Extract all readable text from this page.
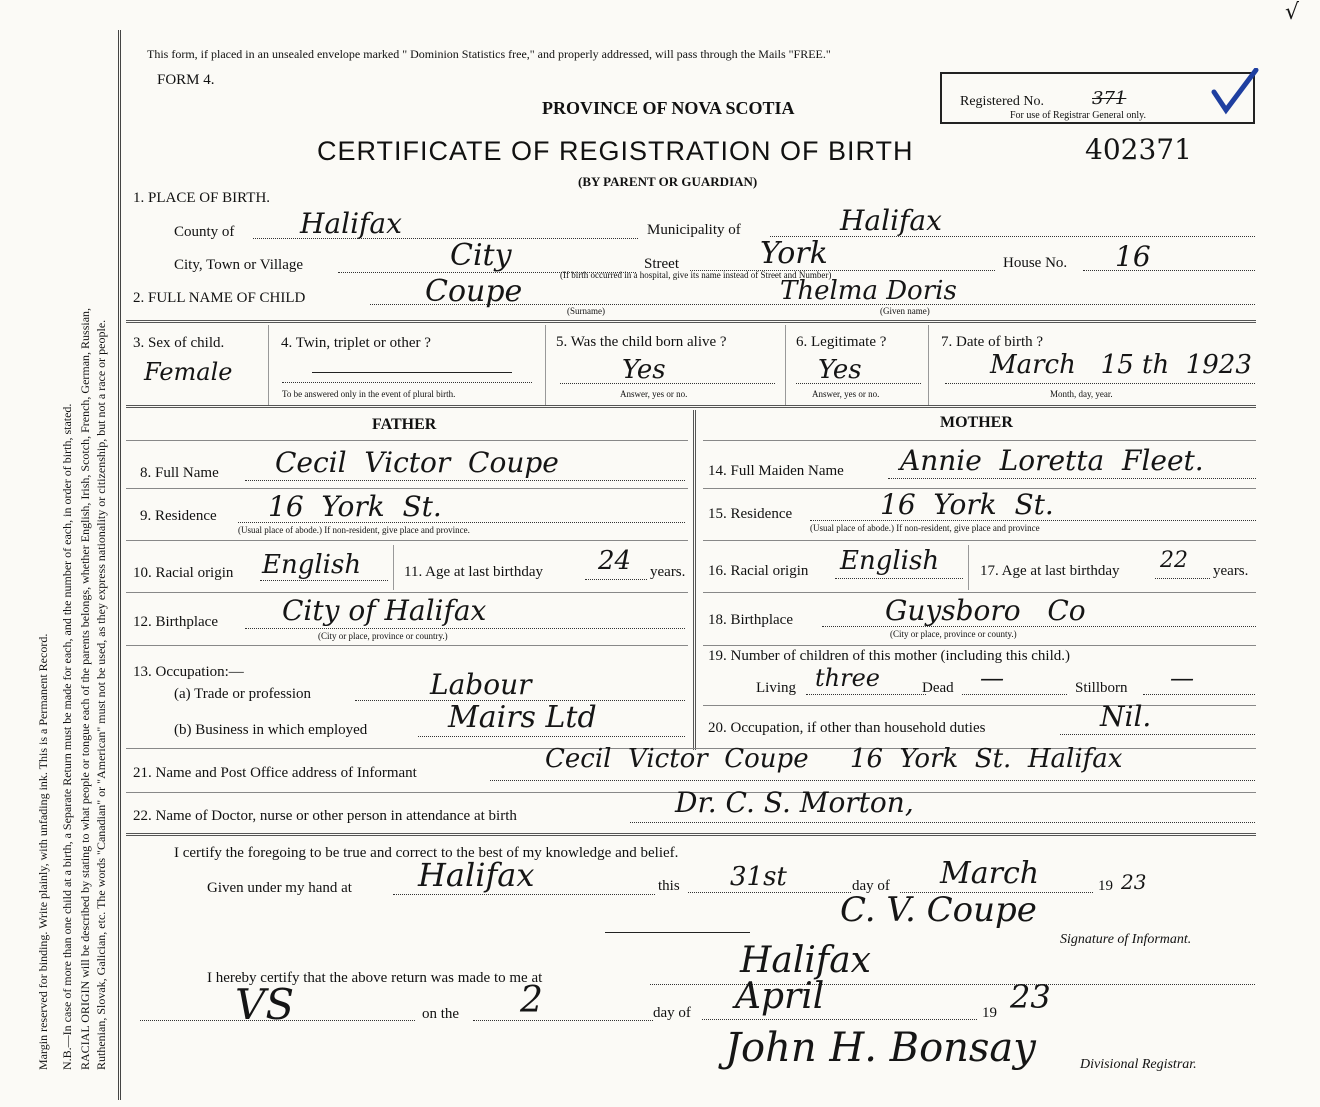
Margin reserved for binding. Write plainly, with unfading ink. This is a Permanent Record. N.B.—In case of more than one child at a birth, a Separate Return must be made for each, and the number of each, in order of birth, stated. RACIAL ORIGIN will be described by stating to what people or tongue each of the parents belongs, whether English, Irish, Scotch, French, German, Russian, Ruthenian, Slovak, Galician, etc. The words "Canadian" or "American" must not be used, as they express nationality or citizenship, but not a race or people.
This form, if placed in an unsealed envelope marked " Dominion Statistics free," and properly addressed, will pass through the Mails "FREE."
FORM 4.
√
Registered No.	371
For use of Registrar General only.
PROVINCE OF NOVA SCOTIA
CERTIFICATE OF REGISTRATION OF BIRTH	402371
(BY PARENT OR GUARDIAN)
1. PLACE OF BIRTH.
County of Halifax	Municipality of	Halifax
City, Town or Village	City	Street	York	House No. 16
(If birth occurred in a hospital, give its name instead of Street and Number)
2. FULL NAME OF CHILD	Coupe
(Surname)
Thelma Doris
(Given name)
3. Sex of child.
Female
4. Twin, triplet or other ?
To be answered only in the event of plural birth.
5. Was the child born alive ?
Yes
Answer, yes or no.
6. Legitimate ?
Yes
Answer, yes or no.
7. Date of birth ?
March   15 th  1923
Month, day, year.
FATHER	MOTHER
8. Full Name Cecil  Victor  Coupe	14. Full Maiden Name Annie  Loretta  Fleet.
9. Residence 16  York  St.
(Usual place of abode.) If non-resident, give place and province.
15. Residence	16  York  St.
(Usual place of abode.) If non-resident, give place and province
10. Racial origin English	11. Age at last birthday 24 years. 16. Racial origin English	17. Age at last birthday 22 years.
12. Birthplace City of Halifax
(City or place, province or country.)
18. Birthplace	Guysboro   Co
(City or place, province or county.)
13. Occupation:—
(a) Trade or profession	Labour
(b) Business in which employed	Mairs Ltd
19. Number of children of this mother (including this child.)
Living three	Dead —	Stillborn —
20. Occupation, if other than household duties	Nil.
21. Name and Post Office address of Informant	Cecil  Victor  Coupe     16  York  St.  Halifax
22. Name of Doctor, nurse or other person in attendance at birth	Dr. C. S. Morton,
I certify the foregoing to be true and correct to the best of my knowledge and belief.
Given under my hand at Halifax	this 31st	day of March	19 23
C. V. Coupe
Signature of Informant.
I hereby certify that the above return was made to me at	Halifax
VS	on the 2	day of April	19 23
John H. Bonsay	Divisional Registrar.
